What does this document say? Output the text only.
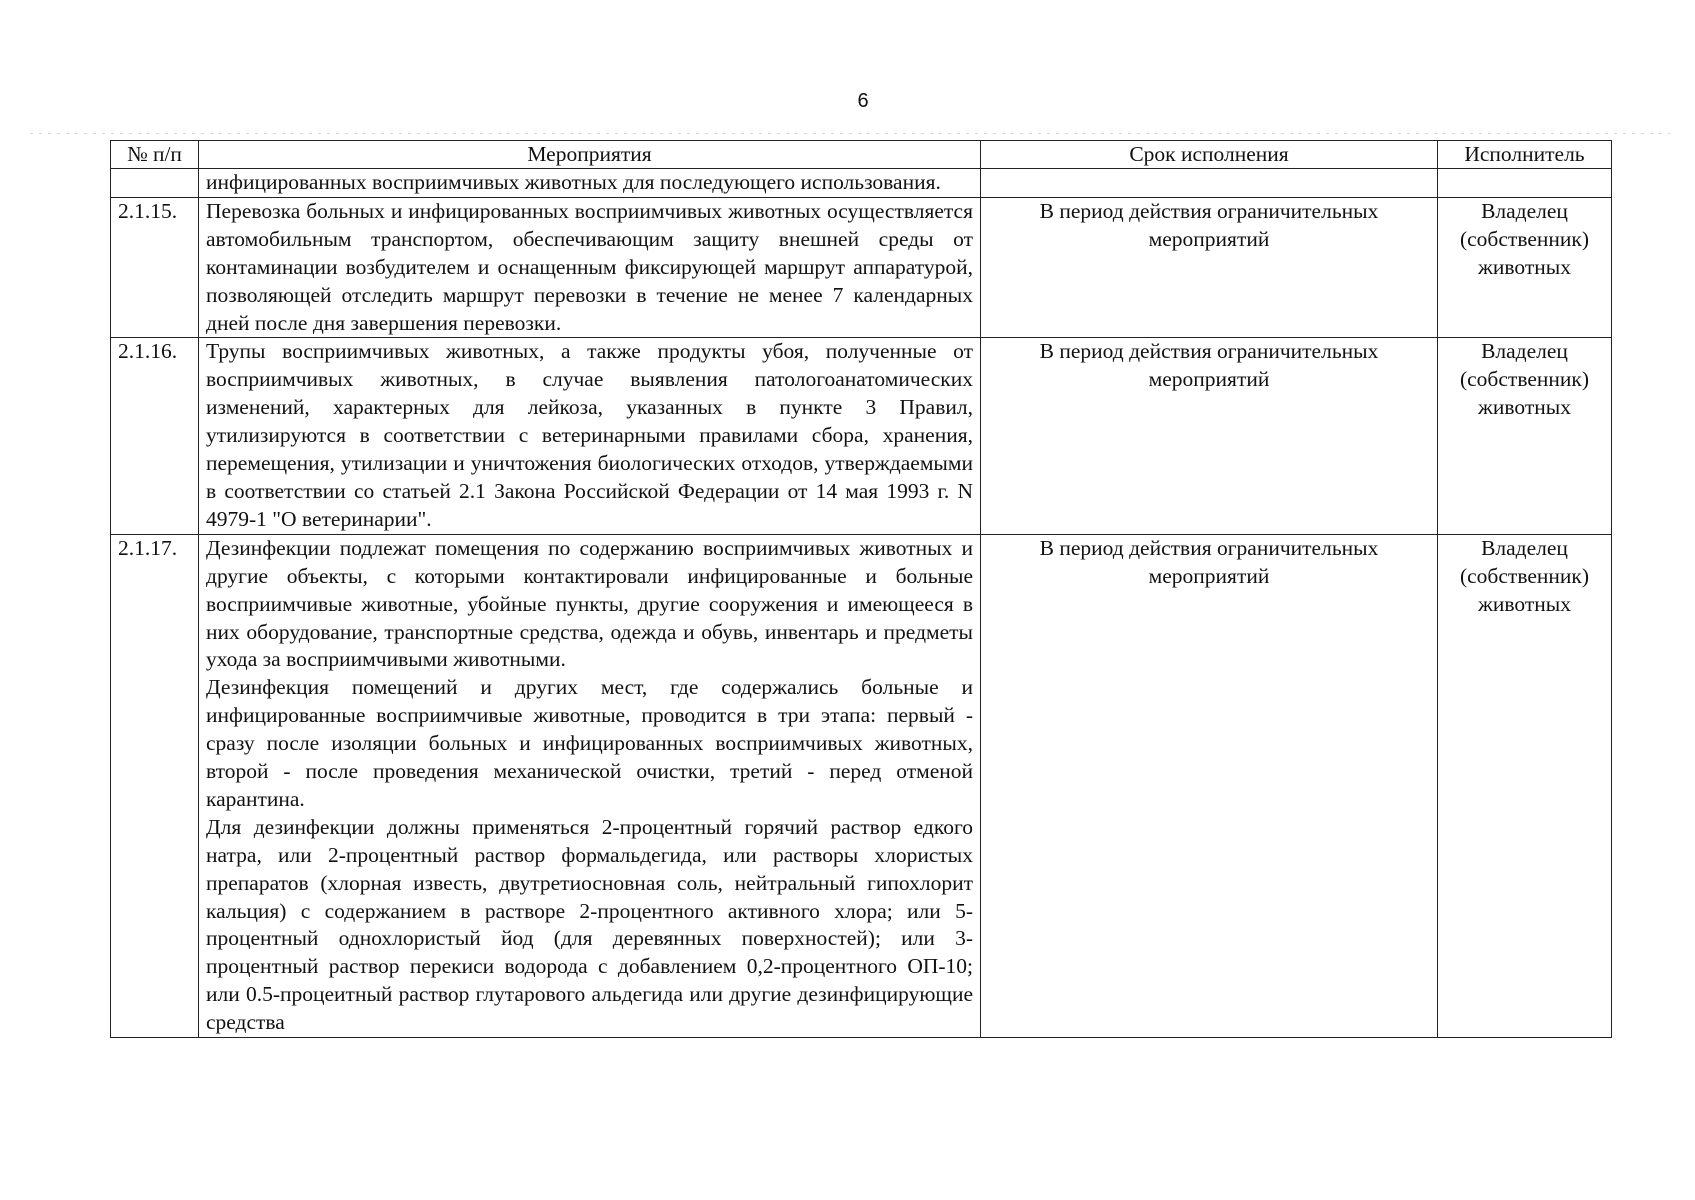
6
№ п/п	Мероприятия	Срок исполнения	Исполнитель

	инфицированных восприимчивых животных для последующего использования.		

2.1.15.	Перевозка больных и инфицированных восприимчивых животных осуществляется автомобильным транспортом, обеспечивающим защиту внешней среды от контаминации возбудителем и оснащенным фиксирующей маршрут аппаратурой, позволяющей отследить маршрут перевозки в течение не менее 7 календарных дней после дня завершения перевозки.	В период действия ограничительных мероприятий	Владелец (собственник) животных
2.1.16.	Трупы восприимчивых животных, а также продукты убоя, полученные от восприимчивых животных, в случае выявления патологоанатомических изменений, характерных для лейкоза, указанных в пункте 3 Правил, утилизируются в соответствии с ветеринарными правилами сбора, хранения, перемещения, утилизации и уничтожения биологических отходов, утверждаемыми в соответствии со статьей 2.1 Закона Российской Федерации от 14 мая 1993 г. N 4979-1 "О ветеринарии".	В период действия ограничительных мероприятий	Владелец (собственник) животных
2.1.17.	Дезинфекции подлежат помещения по содержанию восприимчивых животных и другие объекты, с которыми контактировали инфицированные и больные восприимчивые животные, убойные пункты, другие сооружения и имеющееся в них оборудование, транспортные средства, одежда и обувь, инвентарь и предметы ухода за восприимчивыми животными.
Дезинфекция помещений и других мест, где содержались больные и инфицированные восприимчивые животные, проводится в три этапа: первый - сразу после изоляции больных и инфицированных восприимчивых животных, второй - после проведения механической очистки, третий - перед отменой карантина.
Для дезинфекции должны применяться 2-процентный горячий раствор едкого натра, или 2-процентный раствор формальдегида, или растворы хлористых препаратов (хлорная известь, двутретиосновная соль, нейтральный гипохлорит кальция) с содержанием в растворе 2-процентного активного хлора; или 5-процентный однохлористый йод (для деревянных поверхностей); или 3-процентный раствор перекиси водорода с добавлением 0,2-процентного ОП-10; или 0.5-процеитный раствор глутарового альдегида или другие дезинфицирующие средства	В период действия ограничительных мероприятий	Владелец (собственник) животных
